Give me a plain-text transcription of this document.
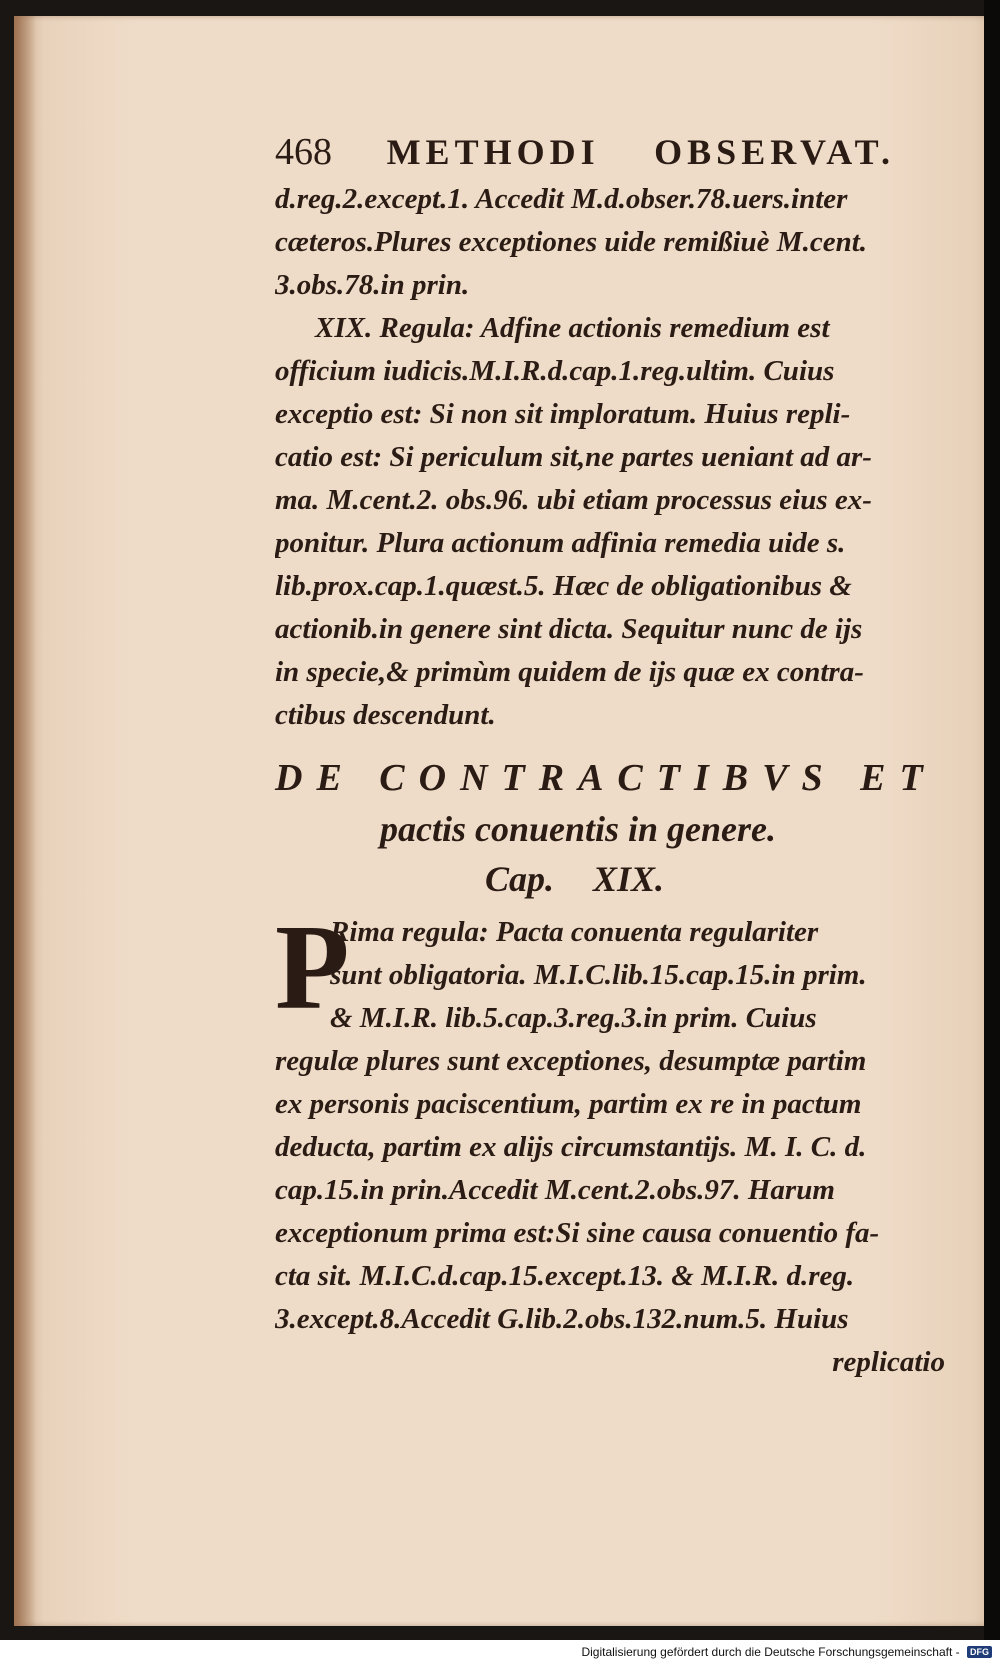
468 METHODI OBSERVAT.
d.reg.2.except.1. Accedit M.d.obser.78.uers.inter
cæteros.Plures exceptiones uide remißiuè M.cent.
3.obs.78.in prin.
XIX. Regula: Adfine actionis remedium est
officium iudicis.M.I.R.d.cap.1.reg.ultim. Cuius
exceptio est: Si non sit imploratum. Huius repli-
catio est: Si periculum sit,ne partes ueniant ad ar-
ma. M.cent.2. obs.96. ubi etiam processus eius ex-
ponitur. Plura actionum adfinia remedia uide s.
lib.prox.cap.1.quæst.5. Hæc de obligationibus &
actionib.in genere sint dicta. Sequitur nunc de ijs
in specie,& primùm quidem de ijs quæ ex contra-
ctibus descendunt.
DE CONTRACTIBVS ET
pactis conuentis in genere.
Cap. XIX.
P
Rima regula: Pacta conuenta regulariter
sunt obligatoria. M.I.C.lib.15.cap.15.in prim.
& M.I.R. lib.5.cap.3.reg.3.in prim. Cuius
regulæ plures sunt exceptiones, desumptæ partim
ex personis paciscentium, partim ex re in pactum
deducta, partim ex alijs circumstantijs. M. I. C. d.
cap.15.in prin.Accedit M.cent.2.obs.97. Harum
exceptionum prima est:Si sine causa conuentio fa-
cta sit. M.I.C.d.cap.15.except.13. & M.I.R. d.reg.
3.except.8.Accedit G.lib.2.obs.132.num.5. Huius
replicatio
Digitalisierung gefördert durch die Deutsche Forschungsgemeinschaft - DFG
